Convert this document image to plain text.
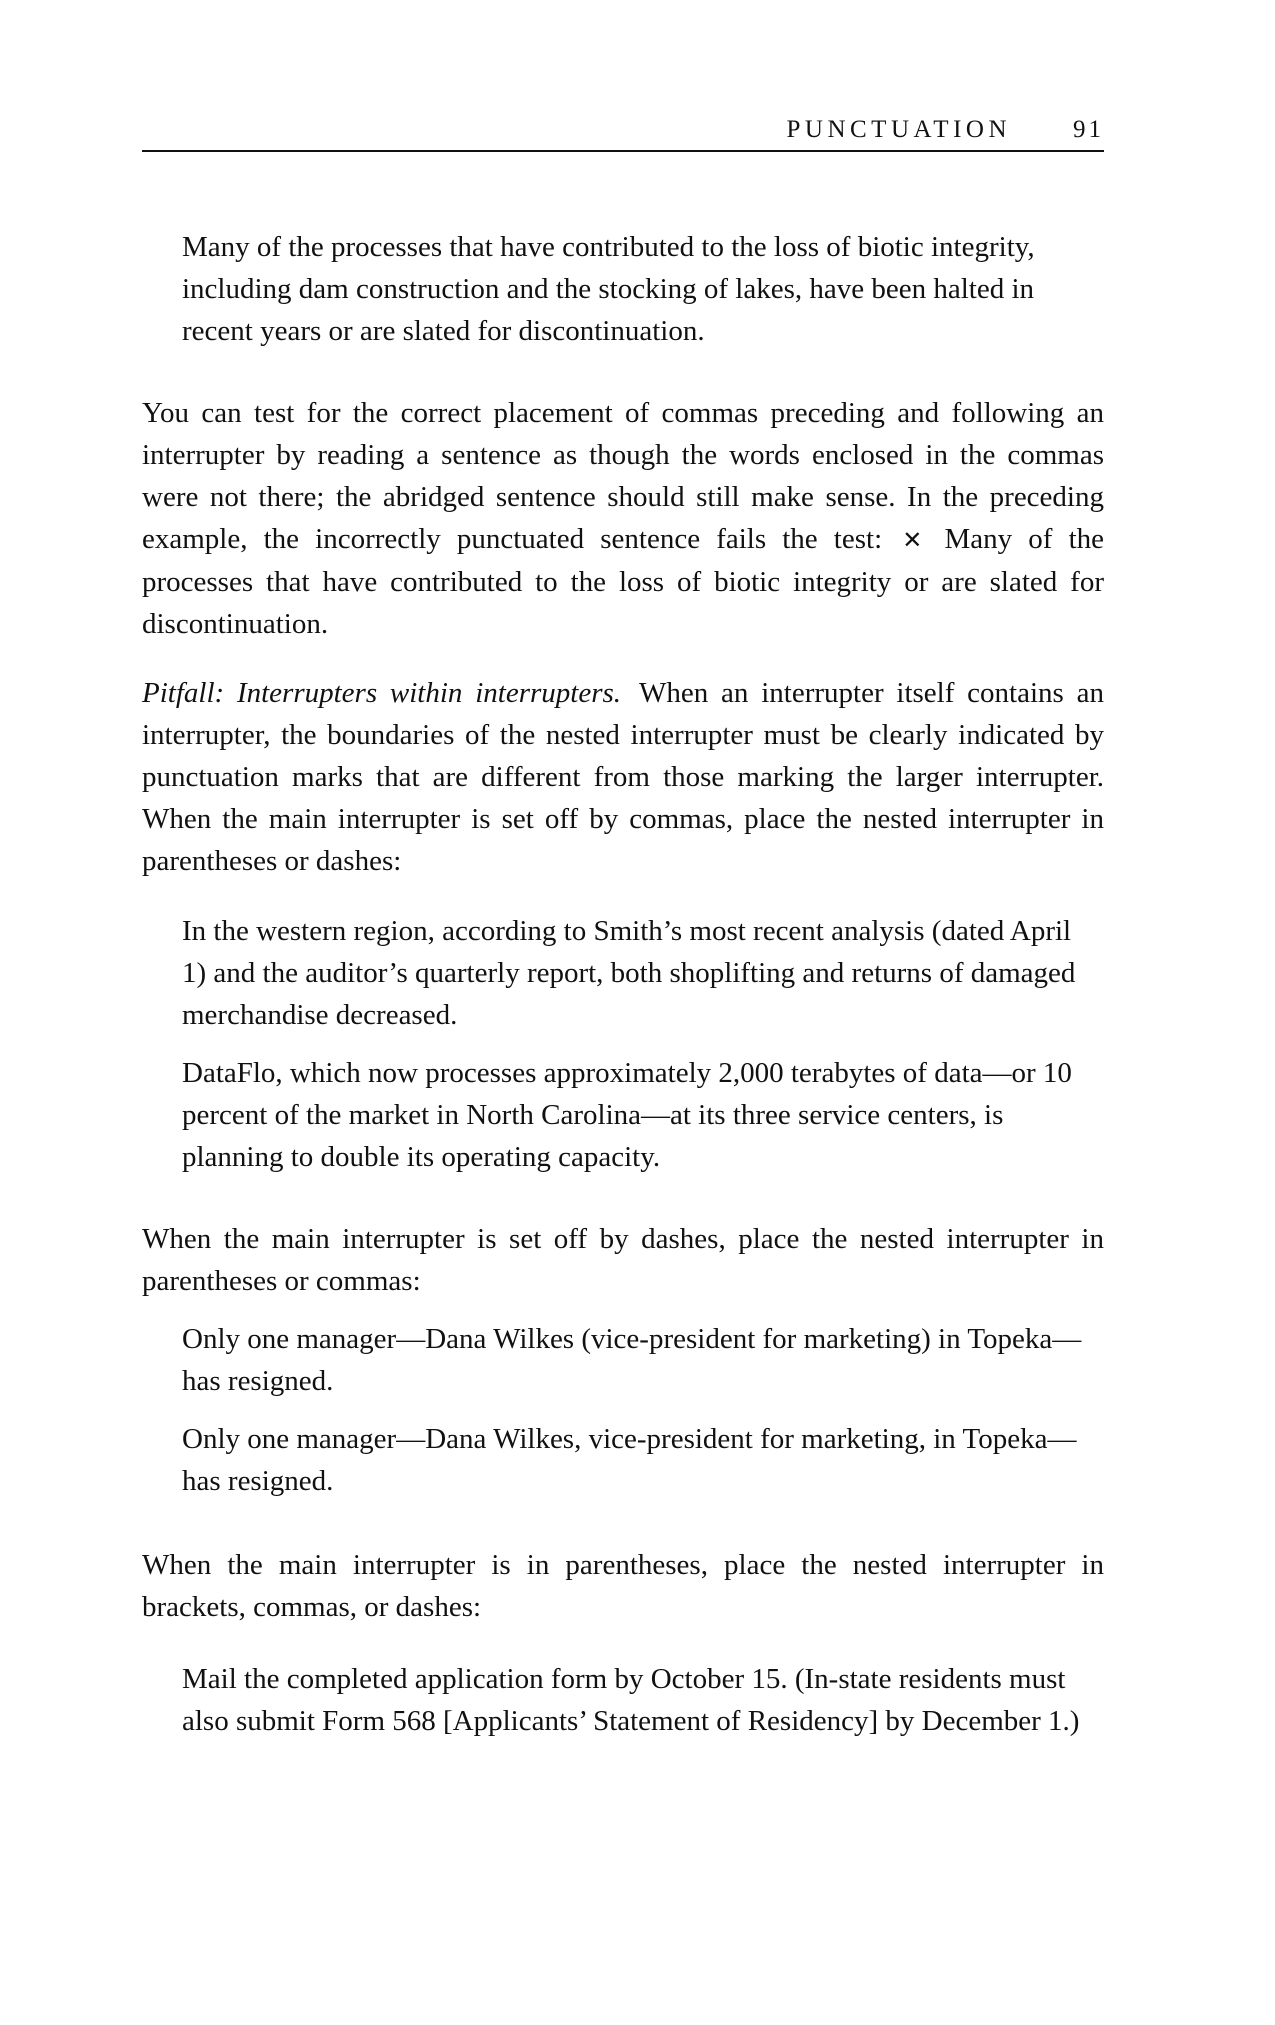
PUNCTUATION 91

Many of the processes that have contributed to the loss of biotic integrity, including dam construction and the stocking of lakes, have been halted in recent years or are slated for discontinuation.

You can test for the correct placement of commas preceding and following an interrupter by reading a sentence as though the words enclosed in the commas were not there; the abridged sentence should still make sense. In the preceding example, the incorrectly punctuated sentence fails the test: ✕ Many of the processes that have contributed to the loss of biotic integrity or are slated for discontinuation.

Pitfall: Interrupters within interrupters. When an interrupter itself contains an interrupter, the boundaries of the nested interrupter must be clearly indicated by punctuation marks that are different from those marking the larger interrupter. When the main interrupter is set off by commas, place the nested interrupter in parentheses or dashes:

In the western region, according to Smith’s most recent analysis (dated April 1) and the auditor’s quarterly report, both shoplifting and returns of damaged merchandise decreased.

DataFlo, which now processes approximately 2,000 terabytes of data—or 10 percent of the market in North Carolina—at its three service centers, is planning to double its operating capacity.

When the main interrupter is set off by dashes, place the nested interrupter in parentheses or commas:

Only one manager—Dana Wilkes (vice-president for marketing) in Topeka—has resigned.

Only one manager—Dana Wilkes, vice-president for marketing, in Topeka—has resigned.

When the main interrupter is in parentheses, place the nested interrupter in brackets, commas, or dashes:

Mail the completed application form by October 15. (In-state residents must also submit Form 568 [Applicants’ Statement of Residency] by December 1.)
